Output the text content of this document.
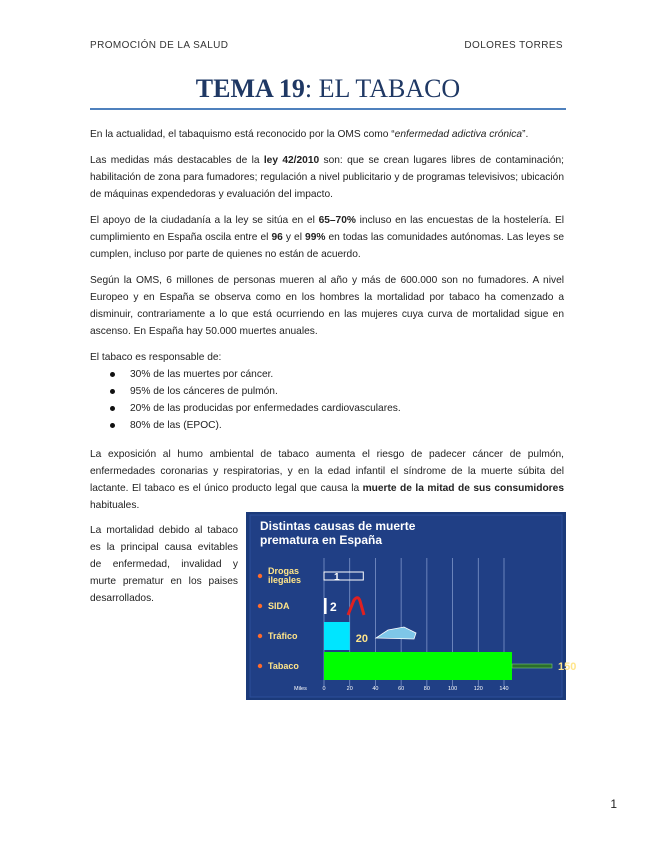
PROMOCIÓN DE LA SALUD	DOLORES TORRES
TEMA 19: EL TABACO

En la actualidad, el tabaquismo está reconocido por la OMS como “enfermedad adictiva crónica”.

Las medidas más destacables de la ley 42/2010 son: que se crean lugares libres de contaminación; habilitación de zona para fumadores; regulación a nivel publicitario y de programas televisivos; ubicación de máquinas expendedoras y evaluación del impacto.

El apoyo de la ciudadanía a la ley se sitúa en el 65–70% incluso en las encuestas de la hostelería. El cumplimiento en España oscila entre el 96 y el 99% en todas las comunidades autónomas. Las leyes se cumplen, incluso por parte de quienes no están de acuerdo.

Según la OMS, 6 millones de personas mueren al año y más de 600.000 son no fumadores. A nivel Europeo y en España se observa como en los hombres la mortalidad por tabaco ha comenzado a disminuir, contrariamente a lo que está ocurriendo en las mujeres cuya curva de mortalidad sigue en ascenso. En España hay 50.000 muertes anuales.

El tabaco es responsable de:

30% de las muertes por cáncer.
95% de los cánceres de pulmón.
20% de las producidas por enfermedades cardiovasculares.
80% de las (EPOC).

La exposición al humo ambiental de tabaco aumenta el riesgo de padecer cáncer de pulmón, enfermedades coronarias y respiratorias, y en la edad infantil el síndrome de la muerte súbita del lactante. El tabaco es el único producto legal que causa la muerte de la mitad de sus consumidores habituales.

La mortalidad debido al tabaco es la principal causa evitables de enfermedad, invalidad y murte prematur en los paises desarrollados.
Distintas causas de muerte
prematura en España
1
2
20
150
Drogas
ilegales
SIDA
Tráfico
Tabaco
0	20	40	60	80	100	120	140
Miles
1
